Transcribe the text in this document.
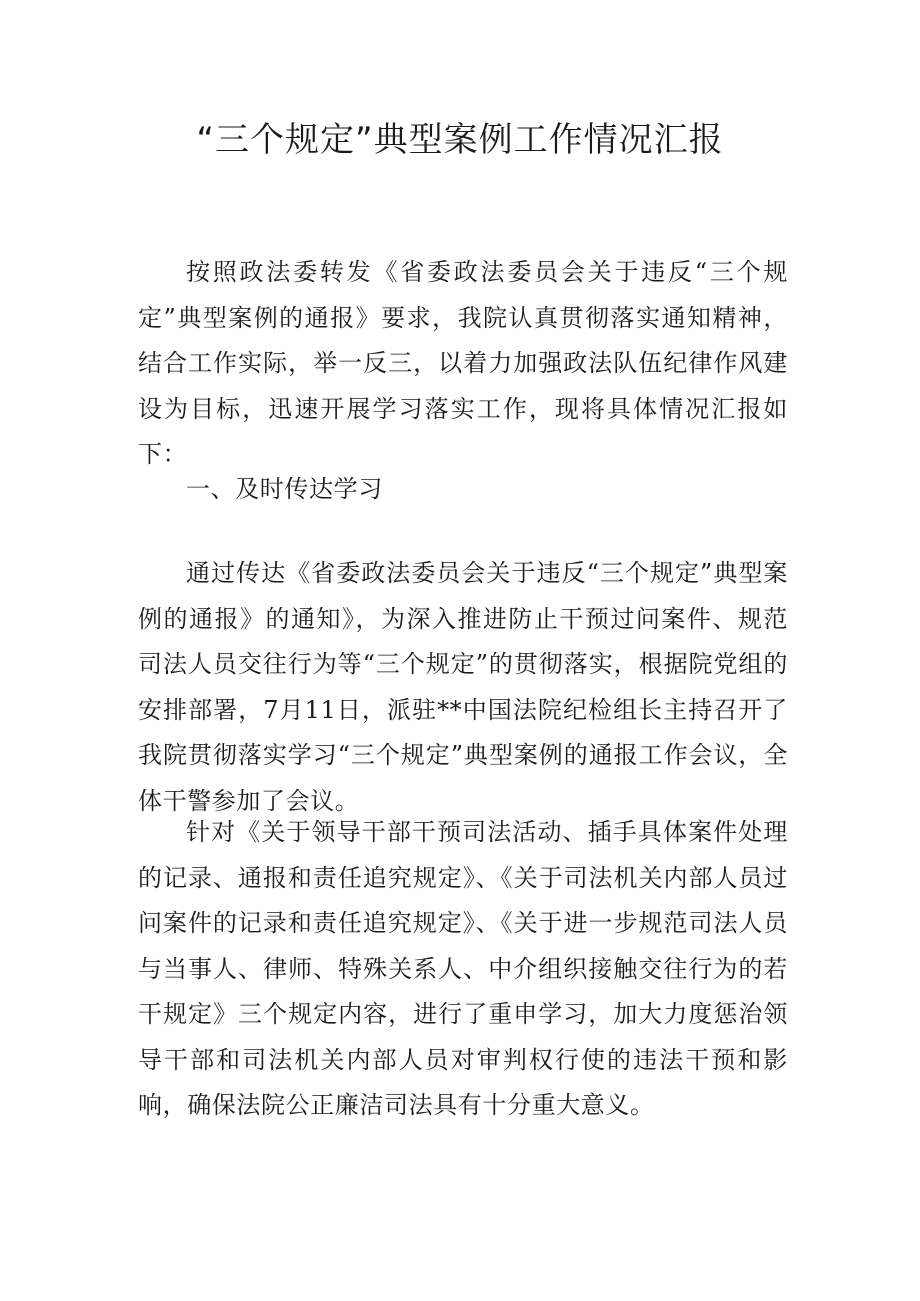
“三个规定”典型案例工作情况汇报

按照政法委转发《省委政法委员会关于违反“三个规定”典型案例的通报》要求，我院认真贯彻落实通知精神，结合工作实际，举一反三，以着力加强政法队伍纪律作风建设为目标，迅速开展学习落实工作，现将具体情况汇报如下：

一、及时传达学习

通过传达《省委政法委员会关于违反“三个规定”典型案例的通报》的通知》，为深入推进防止干预过问案件、规范司法人员交往行为等“三个规定”的贯彻落实，根据院党组的安排部署，7月11日，派驻**中国法院纪检组长主持召开了我院贯彻落实学习“三个规定”典型案例的通报工作会议，全体干警参加了会议。

针对《关于领导干部干预司法活动、插手具体案件处理的记录、通报和责任追究规定》、《关于司法机关内部人员过问案件的记录和责任追究规定》、《关于进一步规范司法人员与当事人、律师、特殊关系人、中介组织接触交往行为的若干规定》三个规定内容，进行了重申学习，加大力度惩治领导干部和司法机关内部人员对审判权行使的违法干预和影响，确保法院公正廉洁司法具有十分重大意义。
